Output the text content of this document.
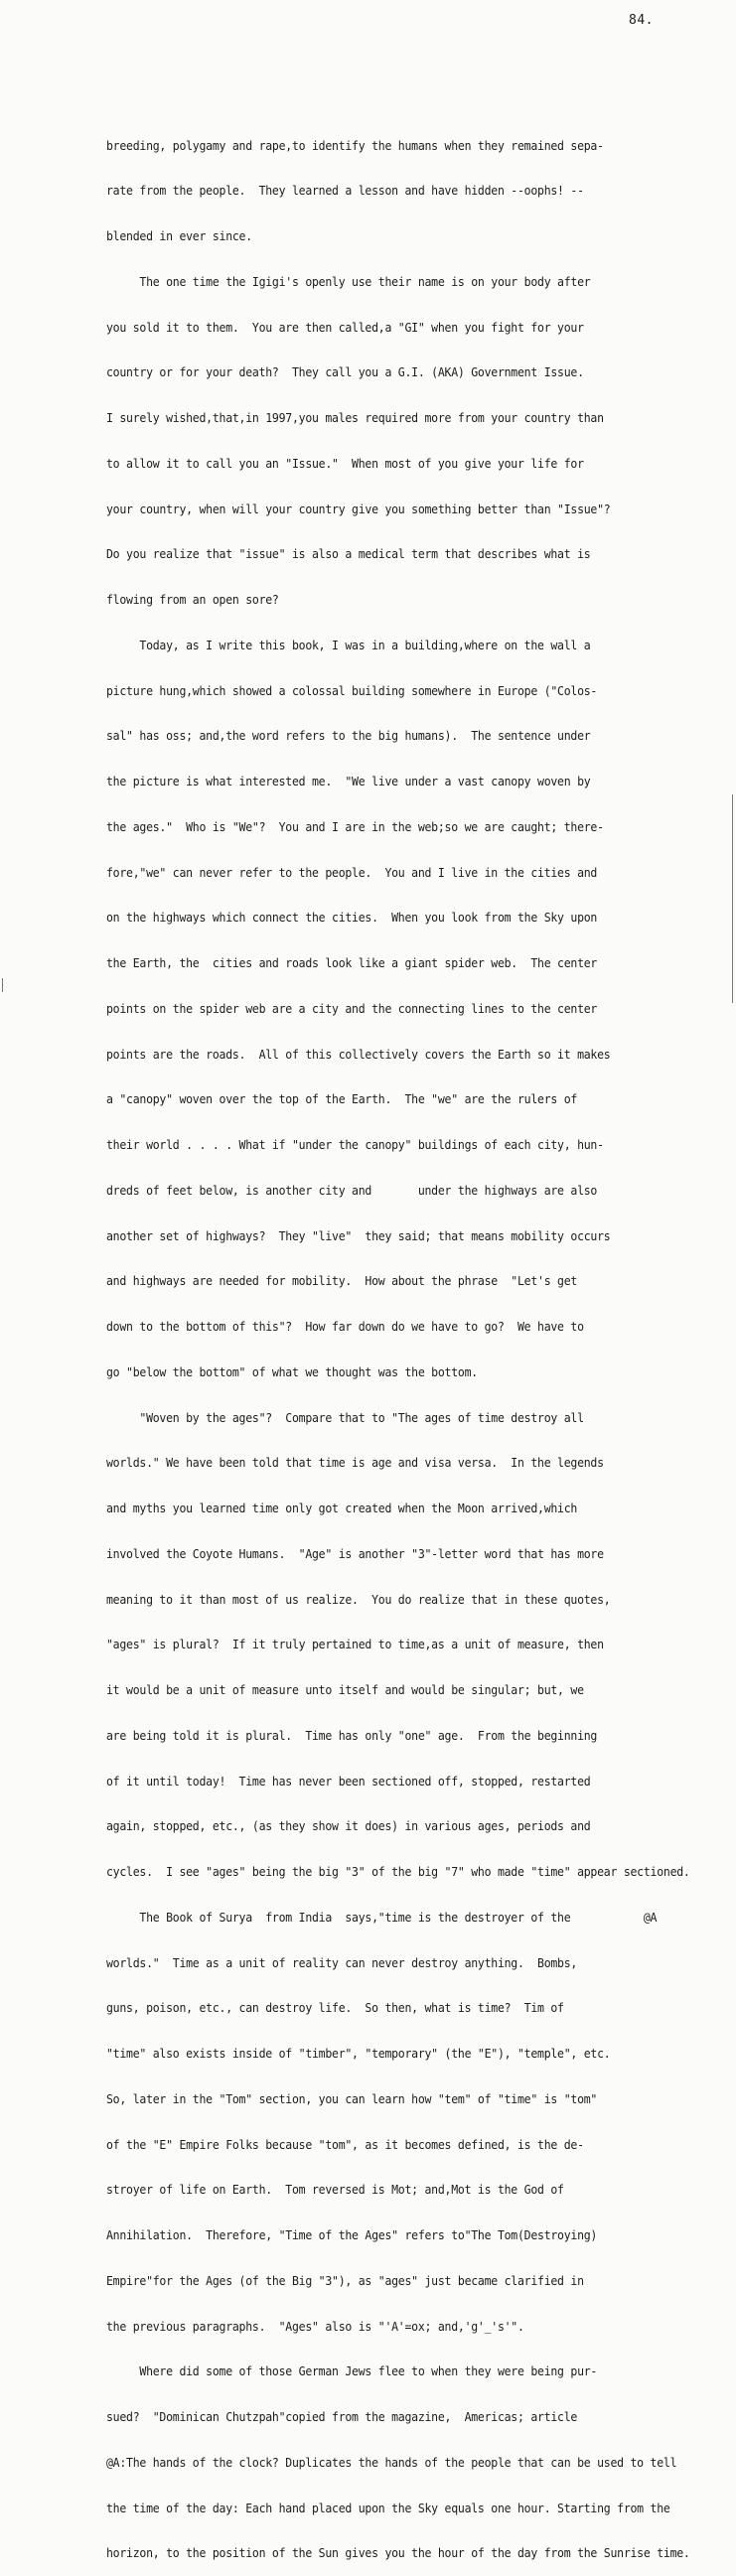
84.

breeding, polygamy and rape,to identify the humans when they remained sepa-

rate from the people.  They learned a lesson and have hidden --oophs! --

blended in ever since.

The one time the Igigi's openly use their name is on your body after

you sold it to them.  You are then called,a "GI" when you fight for your

country or for your death?  They call you a G.I. (AKA) Government Issue.

I surely wished,that,in 1997,you males required more from your country than

to allow it to call you an "Issue."  When most of you give your life for

your country, when will your country give you something better than "Issue"?

Do you realize that "issue" is also a medical term that describes what is

flowing from an open sore?

Today, as I write this book, I was in a building,where on the wall a

picture hung,which showed a colossal building somewhere in Europe ("Colos-

sal" has oss; and,the word refers to the big humans).  The sentence under

the picture is what interested me.  "We live under a vast canopy woven by

the ages."  Who is "We"?  You and I are in the web;so we are caught; there-

fore,"we" can never refer to the people.  You and I live in the cities and

on the highways which connect the cities.  When you look from the Sky upon

the Earth, the  cities and roads look like a giant spider web.  The center

points on the spider web are a city and the connecting lines to the center

points are the roads.  All of this collectively covers the Earth so it makes

a "canopy" woven over the top of the Earth.  The "we" are the rulers of

their world . . . . What if "under the canopy" buildings of each city, hun-

dreds of feet below, is another city and       under the highways are also

another set of highways?  They "live"  they said; that means mobility occurs

and highways are needed for mobility.  How about the phrase  "Let's get

down to the bottom of this"?  How far down do we have to go?  We have to

go "below the bottom" of what we thought was the bottom.

"Woven by the ages"?  Compare that to "The ages of time destroy all

worlds." We have been told that time is age and visa versa.  In the legends

and myths you learned time only got created when the Moon arrived,which

involved the Coyote Humans.  "Age" is another "3"-letter word that has more

meaning to it than most of us realize.  You do realize that in these quotes,

"ages" is plural?  If it truly pertained to time,as a unit of measure, then

it would be a unit of measure unto itself and would be singular; but, we

are being told it is plural.  Time has only "one" age.  From the beginning

of it until today!  Time has never been sectioned off, stopped, restarted

again, stopped, etc., (as they show it does) in various ages, periods and

cycles.  I see "ages" being the big "3" of the big "7" who made "time" appear sectioned.

The Book of Surya  from India  says,"time is the destroyer of the           @A

worlds."  Time as a unit of reality can never destroy anything.  Bombs,

guns, poison, etc., can destroy life.  So then, what is time?  Tim of

"time" also exists inside of "timber", "temporary" (the "E"), "temple", etc.

So, later in the "Tom" section, you can learn how "tem" of "time" is "tom"

of the "E" Empire Folks because "tom", as it becomes defined, is the de-

stroyer of life on Earth.  Tom reversed is Mot; and,Mot is the God of

Annihilation.  Therefore, "Time of the Ages" refers to"The Tom(Destroying)

Empire"for the Ages (of the Big "3"), as "ages" just became clarified in

the previous paragraphs.  "Ages" also is "'A'=ox; and,'g'_'s'".

Where did some of those German Jews flee to when they were being pur-

sued?  "Dominican Chutzpah"copied from the magazine,  Americas; article

@A:The hands of the clock? Duplicates the hands of the people that can be used to tell

the time of the day: Each hand placed upon the Sky equals one hour. Starting from the

horizon, to the position of the Sun gives you the hour of the day from the Sunrise time.
